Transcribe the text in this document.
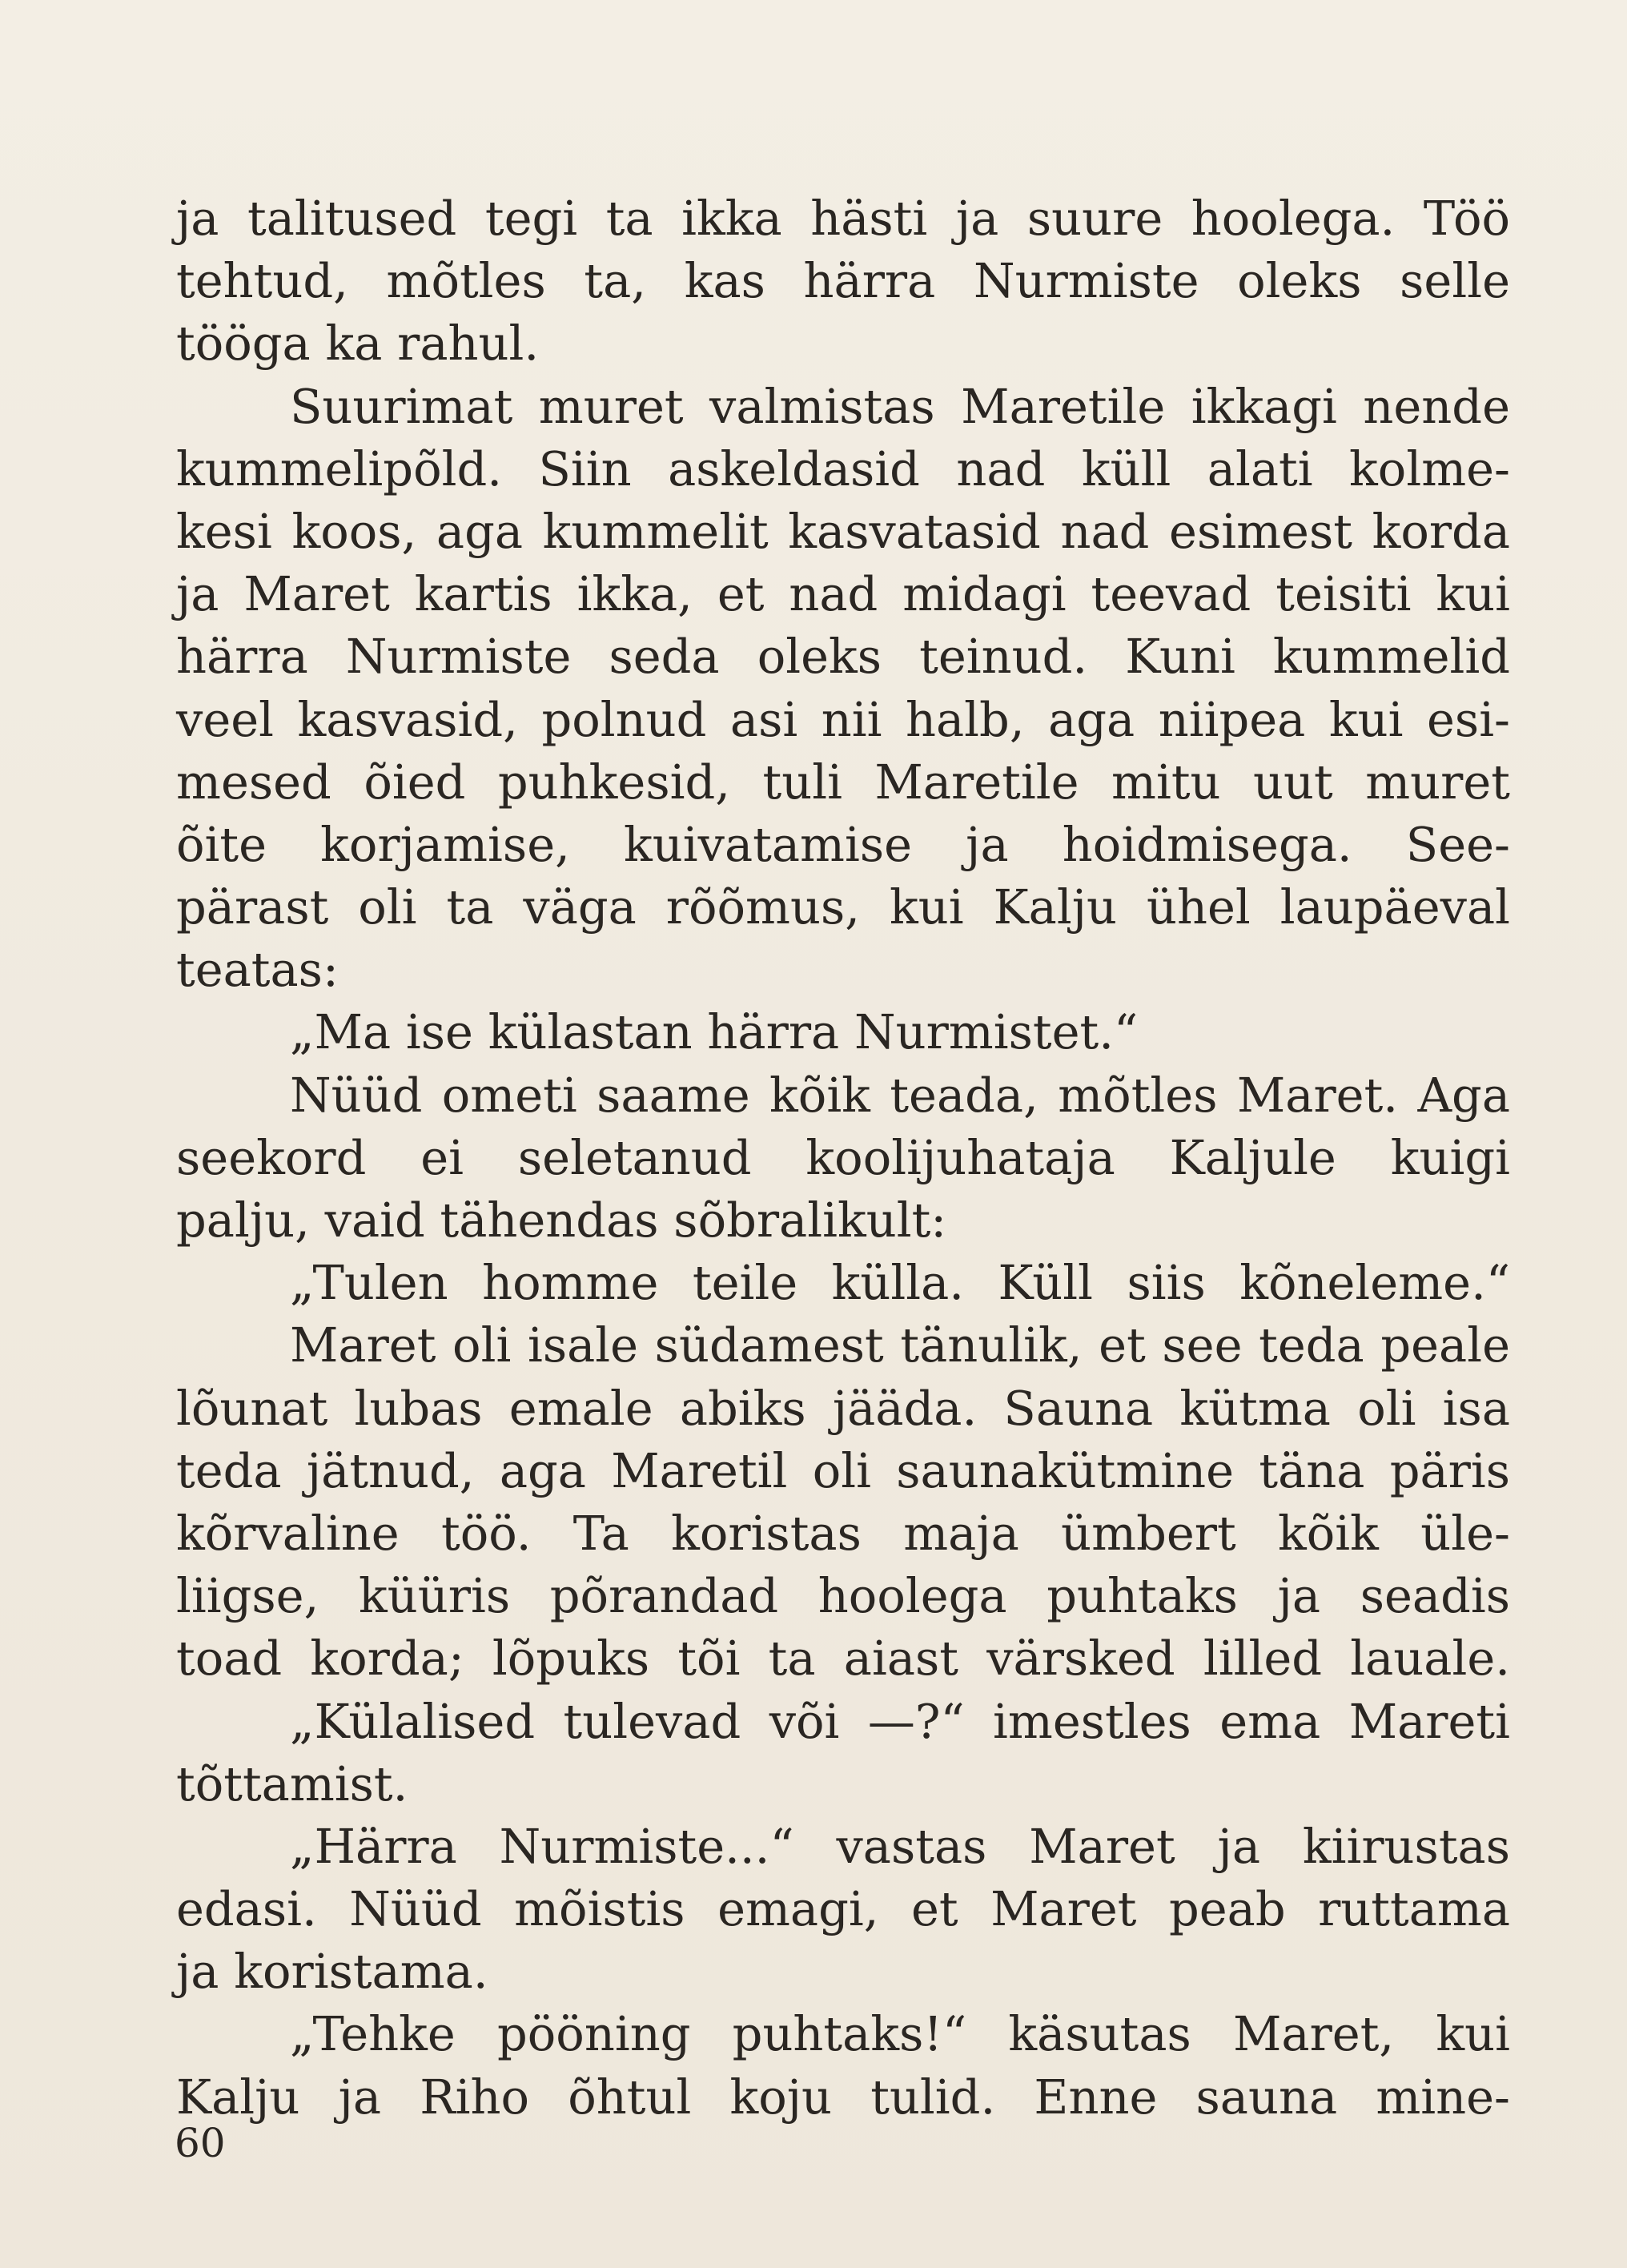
ja talitused tegi ta ikka hästi ja suure hoolega. Töö
tehtud, mõtles ta, kas härra Nurmiste oleks selle
tööga ka rahul.
Suurimat muret valmistas Maretile ikkagi nende
kummelipõld. Siin askeldasid nad küll alati kolme-
kesi koos, aga kummelit kasvatasid nad esimest korda
ja Maret kartis ikka, et nad midagi teevad teisiti kui
härra Nurmiste seda oleks teinud. Kuni kummelid
veel kasvasid, polnud asi nii halb, aga niipea kui esi-
mesed õied puhkesid, tuli Maretile mitu uut muret
õite korjamise, kuivatamise ja hoidmisega. See-
pärast oli ta väga rõõmus, kui Kalju ühel laupäeval
teatas:
„Ma ise külastan härra Nurmistet.“
Nüüd ometi saame kõik teada, mõtles Maret. Aga
seekord ei seletanud koolijuhataja Kaljule kuigi
palju, vaid tähendas sõbralikult:
„Tulen homme teile külla. Küll siis kõneleme.“
Maret oli isale südamest tänulik, et see teda peale
lõunat lubas emale abiks jääda. Sauna kütma oli isa
teda jätnud, aga Maretil oli saunakütmine täna päris
kõrvaline töö. Ta koristas maja ümbert kõik üle-
liigse, küüris põrandad hoolega puhtaks ja seadis
toad korda; lõpuks tõi ta aiast värsked lilled lauale.
„Külalised tulevad või —?“ imestles ema Mareti
tõttamist.
„Härra Nurmiste...“ vastas Maret ja kiirustas
edasi. Nüüd mõistis emagi, et Maret peab ruttama
ja koristama.
„Tehke pööning puhtaks!“ käsutas Maret, kui
Kalju ja Riho õhtul koju tulid. Enne sauna mine-
60
